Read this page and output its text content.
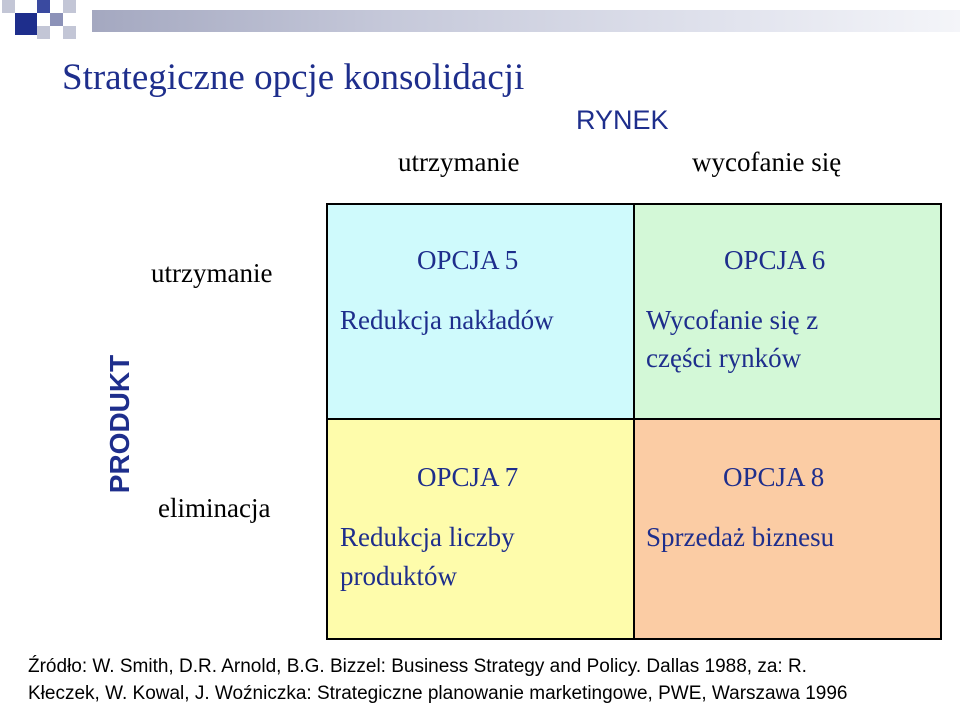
Strategiczne opcje konsolidacji
RYNEK
utrzymanie	wycofanie się
PRODUKT
utrzymanie
eliminacja
OPCJA 5
Redukcja nakładów
OPCJA 6
Wycofanie się z
części rynków
OPCJA 7
Redukcja liczby
produktów
OPCJA 8
Sprzedaż biznesu
Źródło: W. Smith, D.R. Arnold, B.G. Bizzel: Business Strategy and Policy. Dallas 1988, za: R.
Kłeczek, W. Kowal, J. Woźniczka: Strategiczne planowanie marketingowe, PWE, Warszawa 1996
